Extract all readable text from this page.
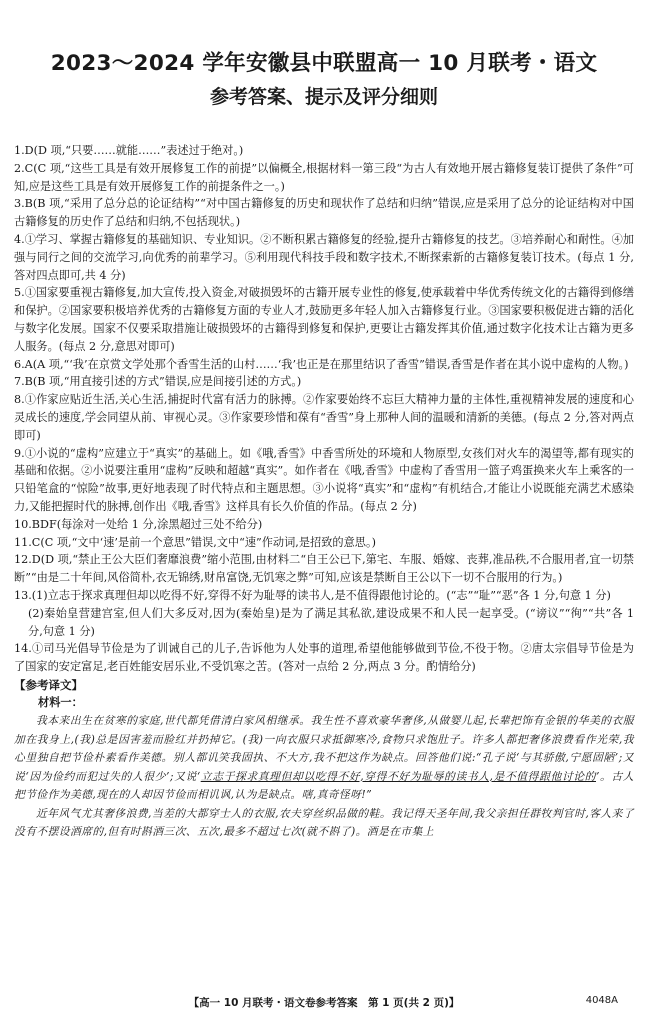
2023～2024 学年安徽县中联盟高一 10 月联考・语文
参考答案、提示及评分细则

1.D(D 项,“只要……就能……”表述过于绝对。)

2.C(C 项,“这些工具是有效开展修复工作的前提”以偏概全,根据材料一第三段“为古人有效地开展古籍修复装订提供了条件”可知,应是这些工具是有效开展修复工作的前提条件之一。)

3.B(B 项,“采用了总分总的论证结构”“对中国古籍修复的历史和现状作了总结和归纳”错误,应是采用了总分的论证结构对中国古籍修复的历史作了总结和归纳,不包括现状。)

4.①学习、掌握古籍修复的基础知识、专业知识。②不断积累古籍修复的经验,提升古籍修复的技艺。③培养耐心和耐性。④加强与同行之间的交流学习,向优秀的前辈学习。⑤利用现代科技手段和数字技术,不断探索新的古籍修复装订技术。(每点 1 分,答对四点即可,共 4 分)

5.①国家要重视古籍修复,加大宣传,投入资金,对破损毁坏的古籍开展专业性的修复,使承载着中华优秀传统文化的古籍得到修缮和保护。②国家要积极培养优秀的古籍修复方面的专业人才,鼓励更多年轻人加入古籍修复行业。③国家要积极促进古籍的活化与数字化发展。国家不仅要采取措施让破损毁坏的古籍得到修复和保护,更要让古籍发挥其价值,通过数字化技术让古籍为更多人服务。(每点 2 分,意思对即可)

6.A(A 项,“‘我’在京赏文学处那个香雪生活的山村……‘我’也正是在那里结识了香雪”错误,香雪是作者在其小说中虚构的人物。)

7.B(B 项,“用直接引述的方式”错误,应是间接引述的方式。)

8.①作家应贴近生活,关心生活,捕捉时代富有活力的脉搏。②作家要始终不忘巨大精神力量的主体性,重视精神发展的速度和心灵成长的速度,学会同望从前、审视心灵。③作家要珍惜和葆有“香雪”身上那种人间的温暖和清新的美德。(每点 2 分,答对两点即可)

9.①小说的“虚构”应建立于“真实”的基础上。如《哦,香雪》中香雪所处的环境和人物原型,女孩们对火车的渴望等,都有现实的基础和依据。②小说要注重用“虚构”反映和超越“真实”。如作者在《哦,香雪》中虚构了香雪用一篮子鸡蛋换来火车上乘客的一只铅笔盒的“惊险”故事,更好地表现了时代特点和主题思想。③小说将“真实”和“虚构”有机结合,才能让小说既能充满艺术感染力,又能把握时代的脉搏,创作出《哦,香雪》这样具有长久价值的作品。(每点 2 分)

10.BDF(每涂对一处给 1 分,涂黑超过三处不给分)

11.C(C 项,“文中‘速’是前一个意思”错误,文中“速”作动词,是招致的意思。)

12.D(D 项,“禁止王公大臣们奢靡浪费”缩小范围,由材料二“自王公已下,第宅、车服、婚嫁、丧葬,准品秩,不合服用者,宜一切禁断”“由是二十年间,风俗简朴,衣无锦绣,财帛富饶,无饥寒之弊”可知,应该是禁断自王公以下一切不合服用的行为。)

13.(1)立志于探求真理但却以吃得不好,穿得不好为耻辱的读书人,是不值得跟他讨论的。(“志”“耻”“恶”各 1 分,句意 1 分)

(2)秦始皇营建宫室,但人们大多反对,因为(秦始皇)是为了满足其私欲,建设成果不和人民一起享受。(“谤议”“徇”“共”各 1 分,句意 1 分)

14.①司马光倡导节俭是为了训诫自己的儿子,告诉他为人处事的道理,希望他能够做到节俭,不役于物。②唐太宗倡导节俭是为了国家的安定富足,老百姓能安居乐业,不受饥寒之苦。(答对一点给 2 分,两点 3 分。酌情给分)

【参考译文】

材料一：

我本来出生在贫寒的家庭,世代都凭借清白家风相继承。我生性不喜欢豪华奢侈,从做婴儿起,长辈把饰有金银的华美的衣服加在我身上,(我)总是因害羞而脸红并扔掉它。(我)一向衣服只求抵御寒冷,食物只求饱肚子。许多人都把奢侈浪费看作光荣,我心里独自把节俭朴素看作美德。别人都讥笑我固执、不大方,我不把这作为缺点。回答他们说:“孔子说‘与其骄傲,宁愿固陋’;又说‘因为俭约而犯过失的人很少’;又说‘立志于探求真理但却以吃得不好,穿得不好为耻辱的读书人,是不值得跟他讨论的’。古人把节俭作为美德,现在的人却因节俭而相讥讽,认为是缺点。嗐,真奇怪呀!”

近年风气尤其奢侈浪费,当差的大都穿士人的衣服,农夫穿丝织品做的鞋。我记得天圣年间,我父亲担任群牧判官时,客人来了没有不摆设酒席的,但有时斟酒三次、五次,最多不超过七次(就不斟了)。酒是在市集上

【高一 10 月联考・语文卷参考答案　第 1 页(共 2 页)】	4048A
